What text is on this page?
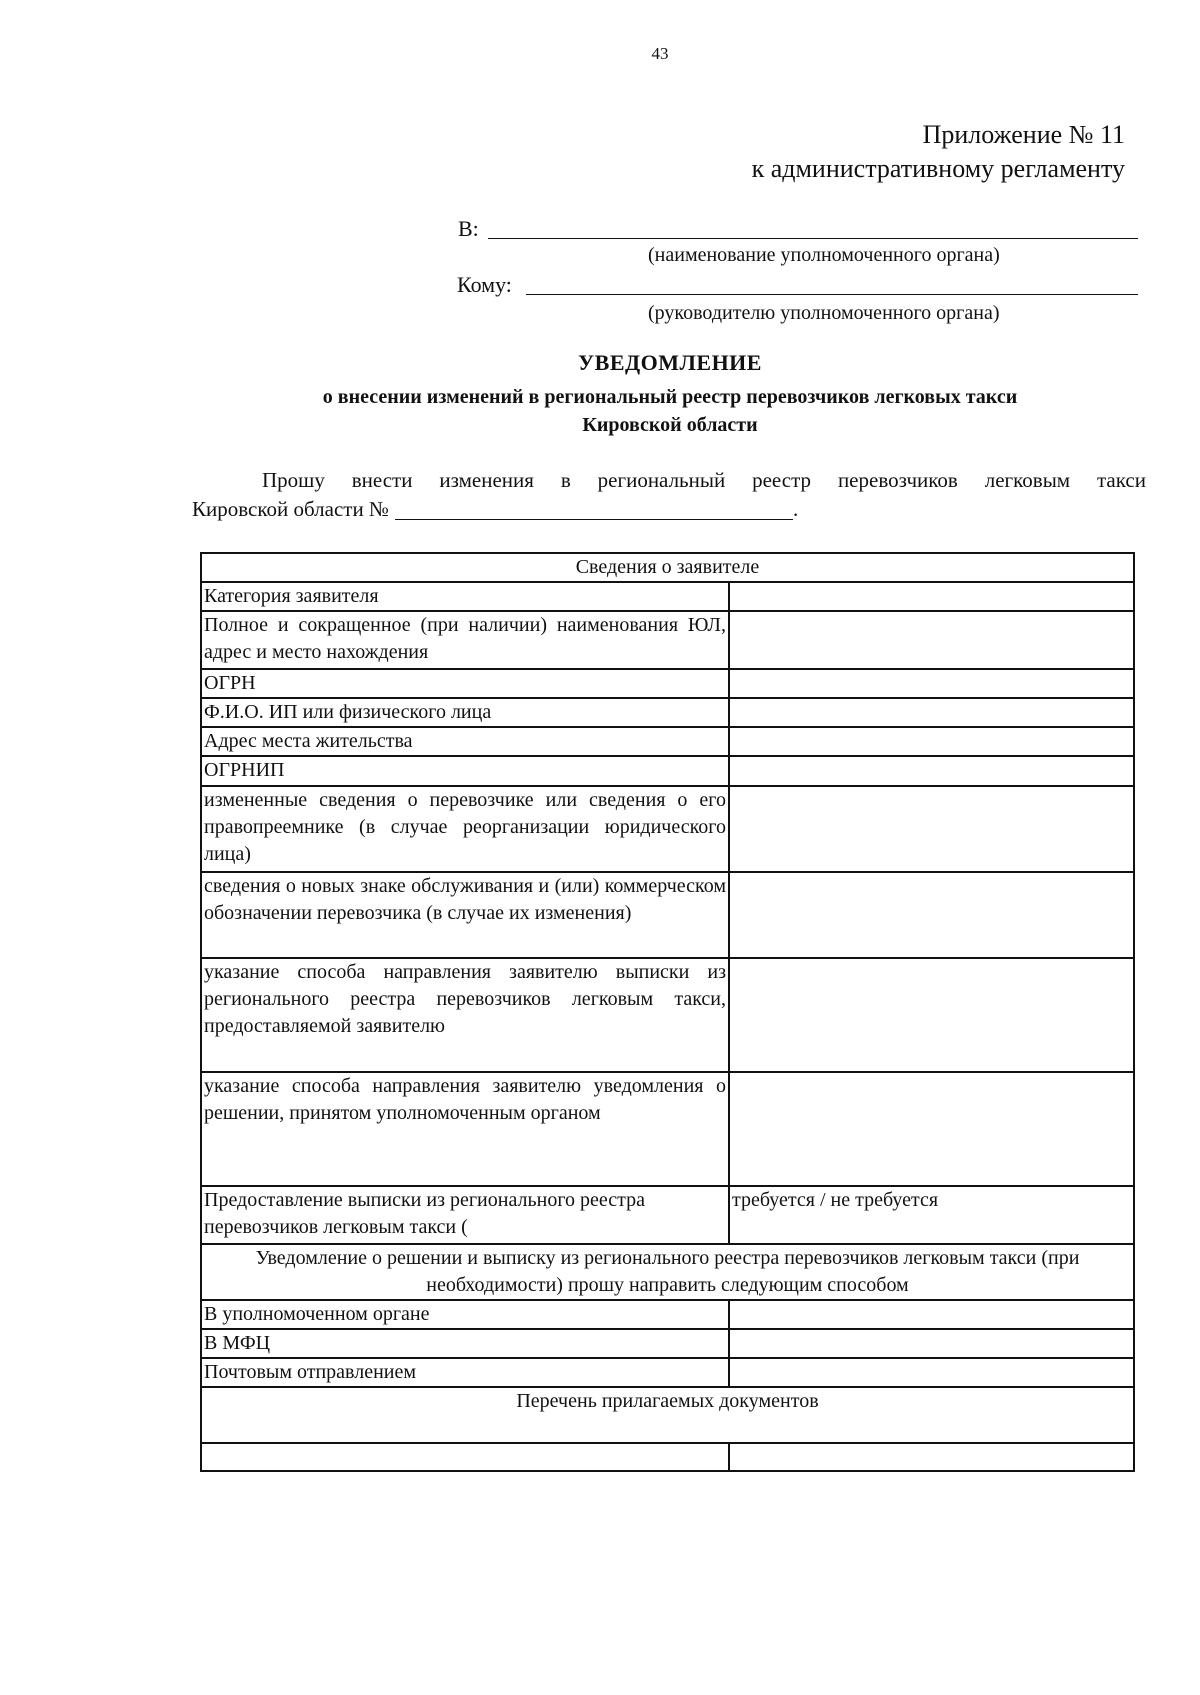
43
Приложение № 11
к административному регламенту
В:
(наименование уполномоченного органа)
Кому:
(руководителю уполномоченного органа)
УВЕДОМЛЕНИЕ
о внесении изменений в региональный реестр перевозчиков легковых такси
Кировской области
Прошу внести изменения в региональный реестр перевозчиков легковым такси
Кировской области №	.
Сведения о заявителе	
Категория заявителя	
Полное и сокращенное (при наличии) наименования ЮЛ, адрес и место нахождения	
ОГРН	
Ф.И.О. ИП или физического лица	
Адрес места жительства	
ОГРНИП	
измененные сведения о перевозчике или сведения о его правопреемнике (в случае реорганизации юридического лица)	
сведения о новых знаке обслуживания и (или) коммерческом обозначении перевозчика (в случае их изменения)	
указание способа направления заявителю выписки из регионального реестра перевозчиков легковым такси, предоставляемой заявителю	
указание способа направления заявителю уведомления о решении, принятом уполномоченным органом	
Предоставление выписки из регионального реестра перевозчиков легковым такси (	требуется / не требуется
Уведомление о решении и выписку из регионального реестра перевозчиков легковым такси (при необходимости) прошу направить следующим способом	
В уполномоченном органе	
В МФЦ	
Почтовым отправлением	
Перечень прилагаемых документов	
